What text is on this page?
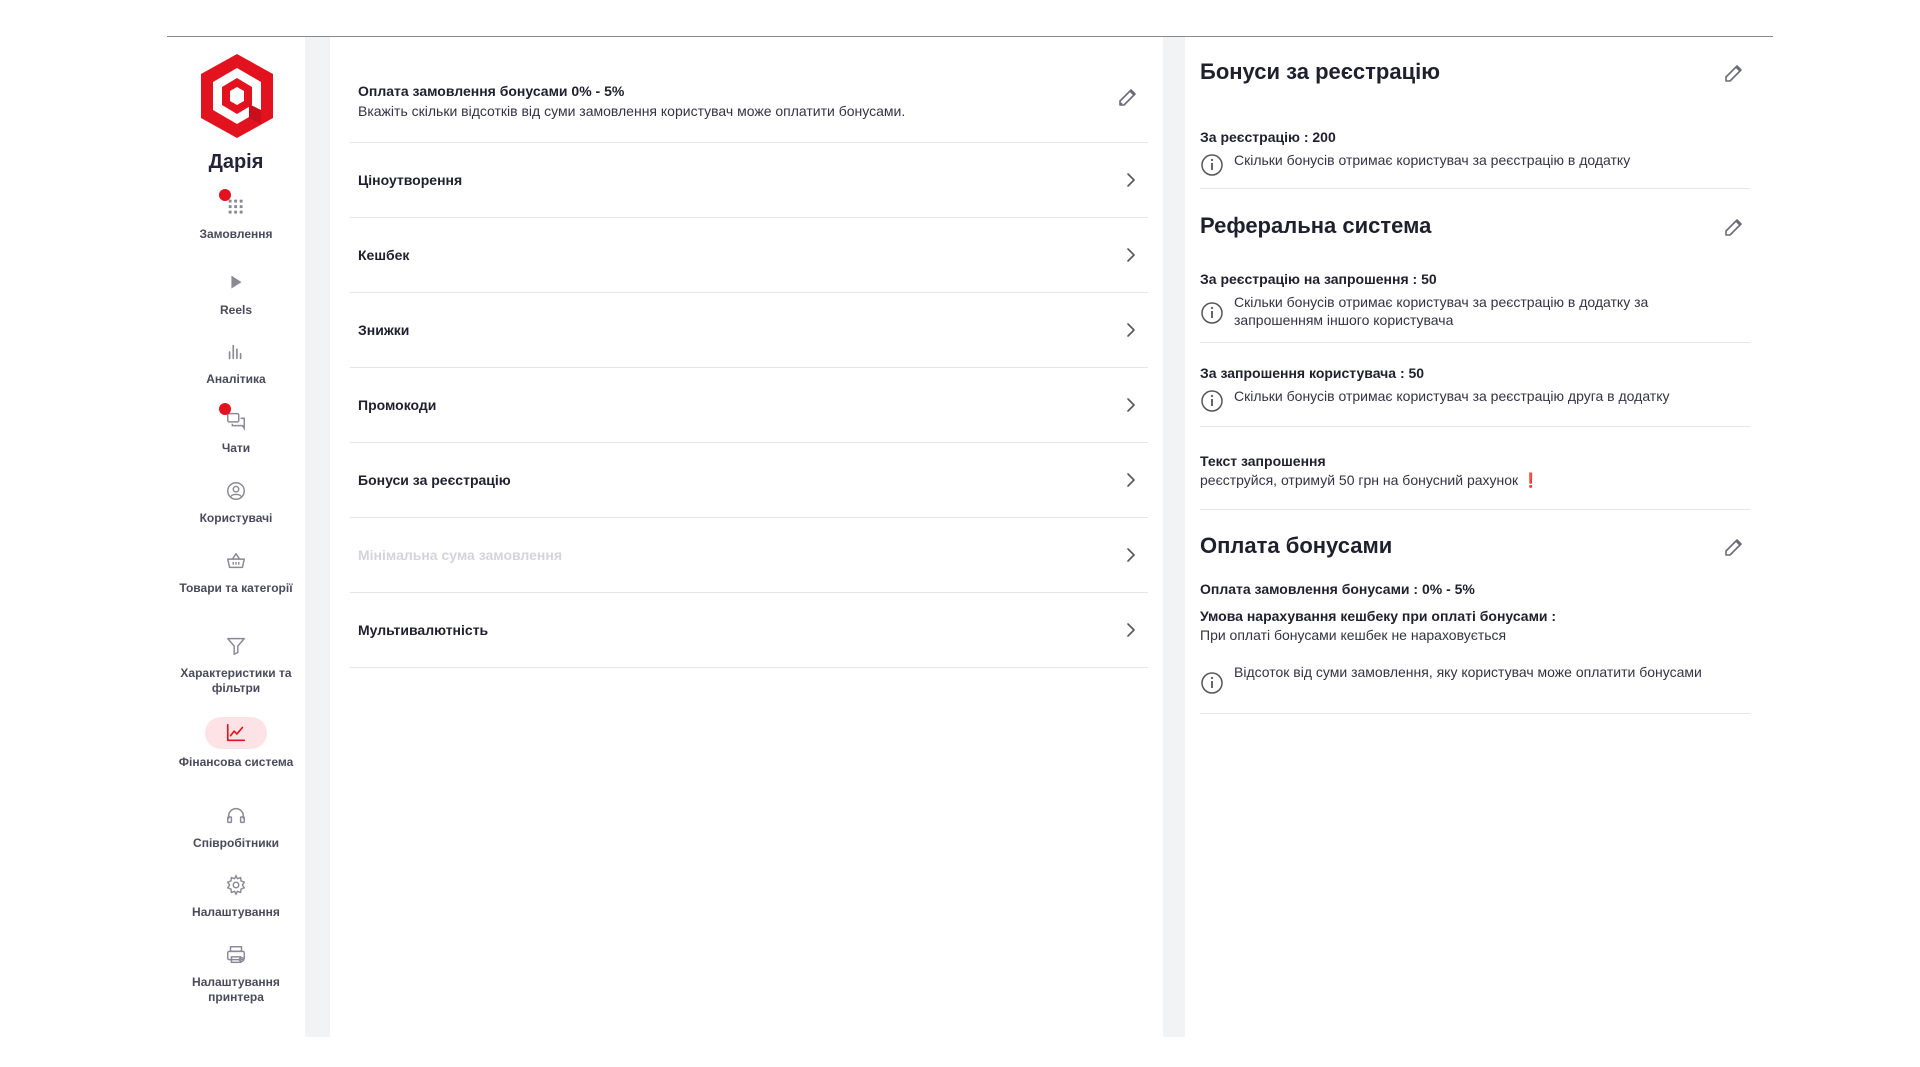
Дарія
Замовлення
Reels
Аналітика
Чати
Користувачі
Товари та категорії
Характеристики та фільтри
Фінансова система
Співробітники
Налаштування
Налаштування принтера
Оплата замовлення бонусами 0% - 5%
Вкажіть скільки відсотків від суми замовлення користувач може оплатити бонусами.
Ціноутворення
Кешбек
Знижки
Промокоди
Бонуси за реєстрацію
Мінімальна сума замовлення
Мультивалютність
Бонуси за реєстрацію
За реєстрацію : 200
Скільки бонусів отримає користувач за реєстрацію в додатку
Реферальна система
За реєстрацію на запрошення : 50
Скільки бонусів отримає користувач за реєстрацію в додатку за запрошенням іншого користувача
За запрошення користувача : 50
Скільки бонусів отримає користувач за реєстрацію друга в додатку
Текст запрошення
реєструйся, отримуй 50 грн на бонусний рахунок ❗
Оплата бонусами
Оплата замовлення бонусами : 0% - 5%
Умова нарахування кешбеку при оплаті бонусами :
При оплаті бонусами кешбек не нараховується
Відсоток від суми замовлення, яку користувач може оплатити бонусами
